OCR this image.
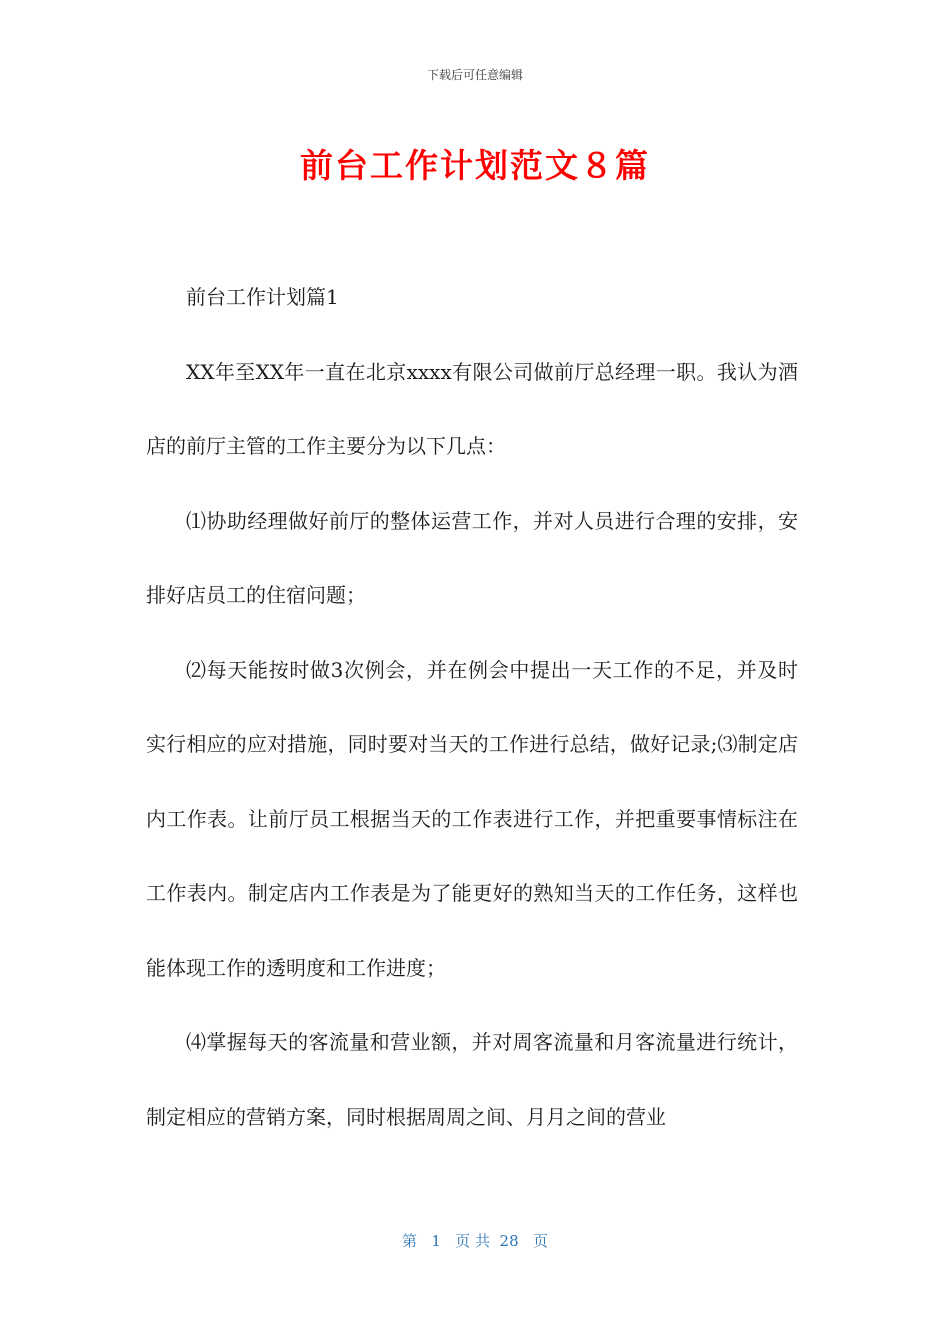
下载后可任意编辑
前台工作计划范文８篇

前台工作计划篇1

XX年至XX年一直在北京xxxx有限公司做前厅总经理一职。我认为酒店的前厅主管的工作主要分为以下几点：

⑴协助经理做好前厅的整体运营工作，并对人员进行合理的安排，安排好店员工的住宿问题；

⑵每天能按时做3次例会，并在例会中提出一天工作的不足，并及时实行相应的应对措施，同时要对当天的工作进行总结，做好记录;⑶制定店内工作表。让前厅员工根据当天的工作表进行工作，并把重要事情标注在工作表内。制定店内工作表是为了能更好的熟知当天的工作任务，这样也能体现工作的透明度和工作进度；

⑷掌握每天的客流量和营业额，并对周客流量和月客流量进行统计，制定相应的营销方案，同时根据周周之间、月月之间的营业

第 1 页 共 28 页
